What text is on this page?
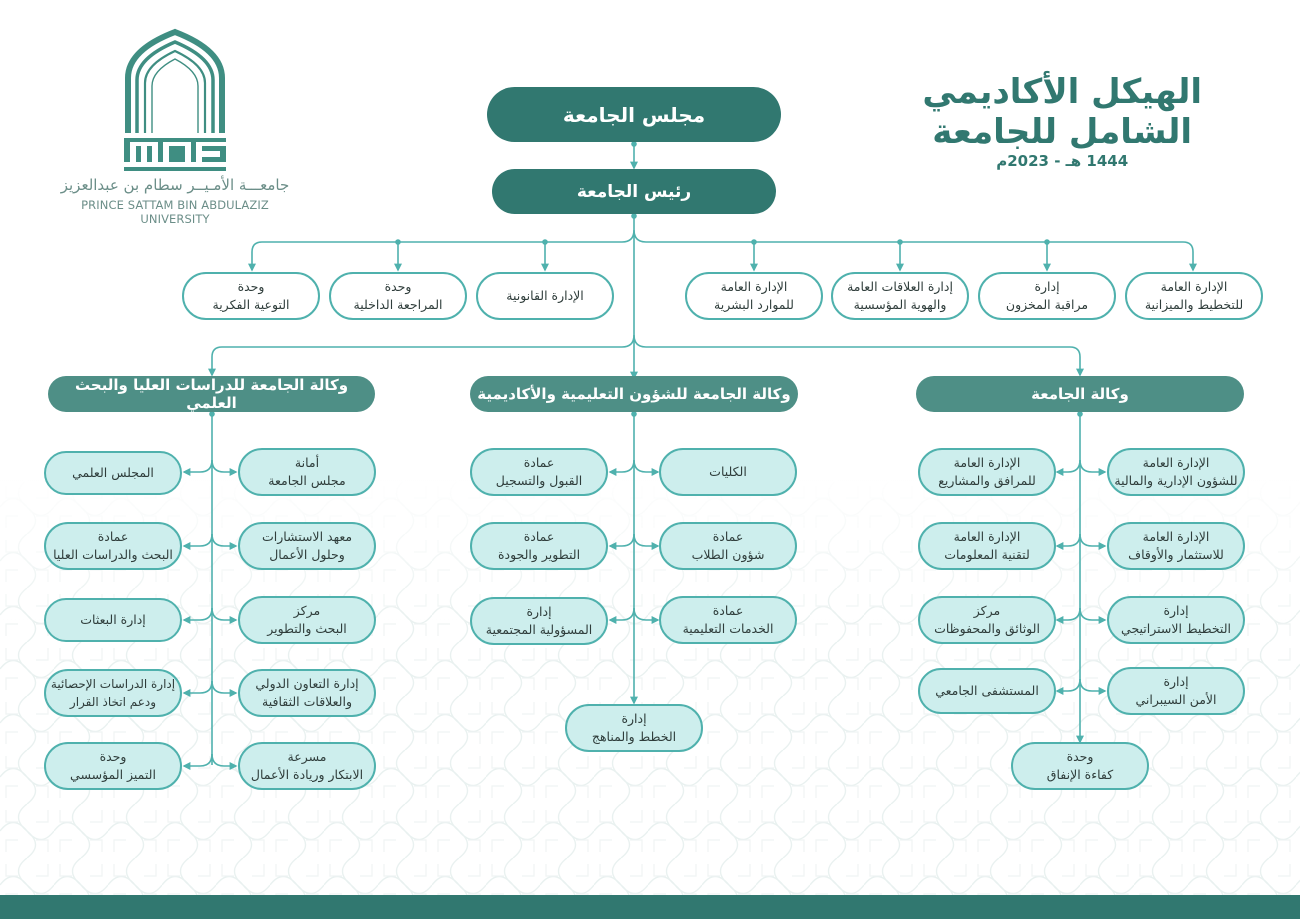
جامعـــة الأمـيــر سطام بن عبدالعزيز
PRINCE SATTAM BIN ABDULAZIZ UNIVERSITY
الهيكل الأكاديمي
الشامل للجامعة
1444 هـ - 2023م
مجلس الجامعة
رئيس الجامعة
الإدارة العامة
للتخطيط والميزانية
إدارة
مراقبة المخزون
إدارة العلاقات العامة
والهوية المؤسسية
الإدارة العامة
للموارد البشرية
الإدارة القانونية
وحدة
المراجعة الداخلية
وحدة
التوعية الفكرية
وكالة الجامعة
وكالة الجامعة للشؤون التعليمية والأكاديمية
وكالة الجامعة للدراسات العليا والبحث العلمي
الإدارة العامة
للشؤون الإدارية والمالية
الإدارة العامة
للاستثمار والأوقاف
إدارة
التخطيط الاستراتيجي
إدارة
الأمن السيبراني
الإدارة العامة
للمرافق والمشاريع
الإدارة العامة
لتقنية المعلومات
مركز
الوثائق والمحفوظات
المستشفى الجامعي
وحدة
كفاءة الإنفاق
الكليات
عمادة
شؤون الطلاب
عمادة
الخدمات التعليمية
عمادة
القبول والتسجيل
عمادة
التطوير والجودة
إدارة
المسؤولية المجتمعية
إدارة
الخطط والمناهج
أمانة
مجلس الجامعة
معهد الاستشارات
وحلول الأعمال
مركز
البحث والتطوير
إدارة التعاون الدولي
والعلاقات الثقافية
مسرعة
الابتكار وريادة الأعمال
المجلس العلمي
عمادة
البحث والدراسات العليا
إدارة البعثات
إدارة الدراسات الإحصائية
ودعم اتخاذ القرار
وحدة
التميز المؤسسي
